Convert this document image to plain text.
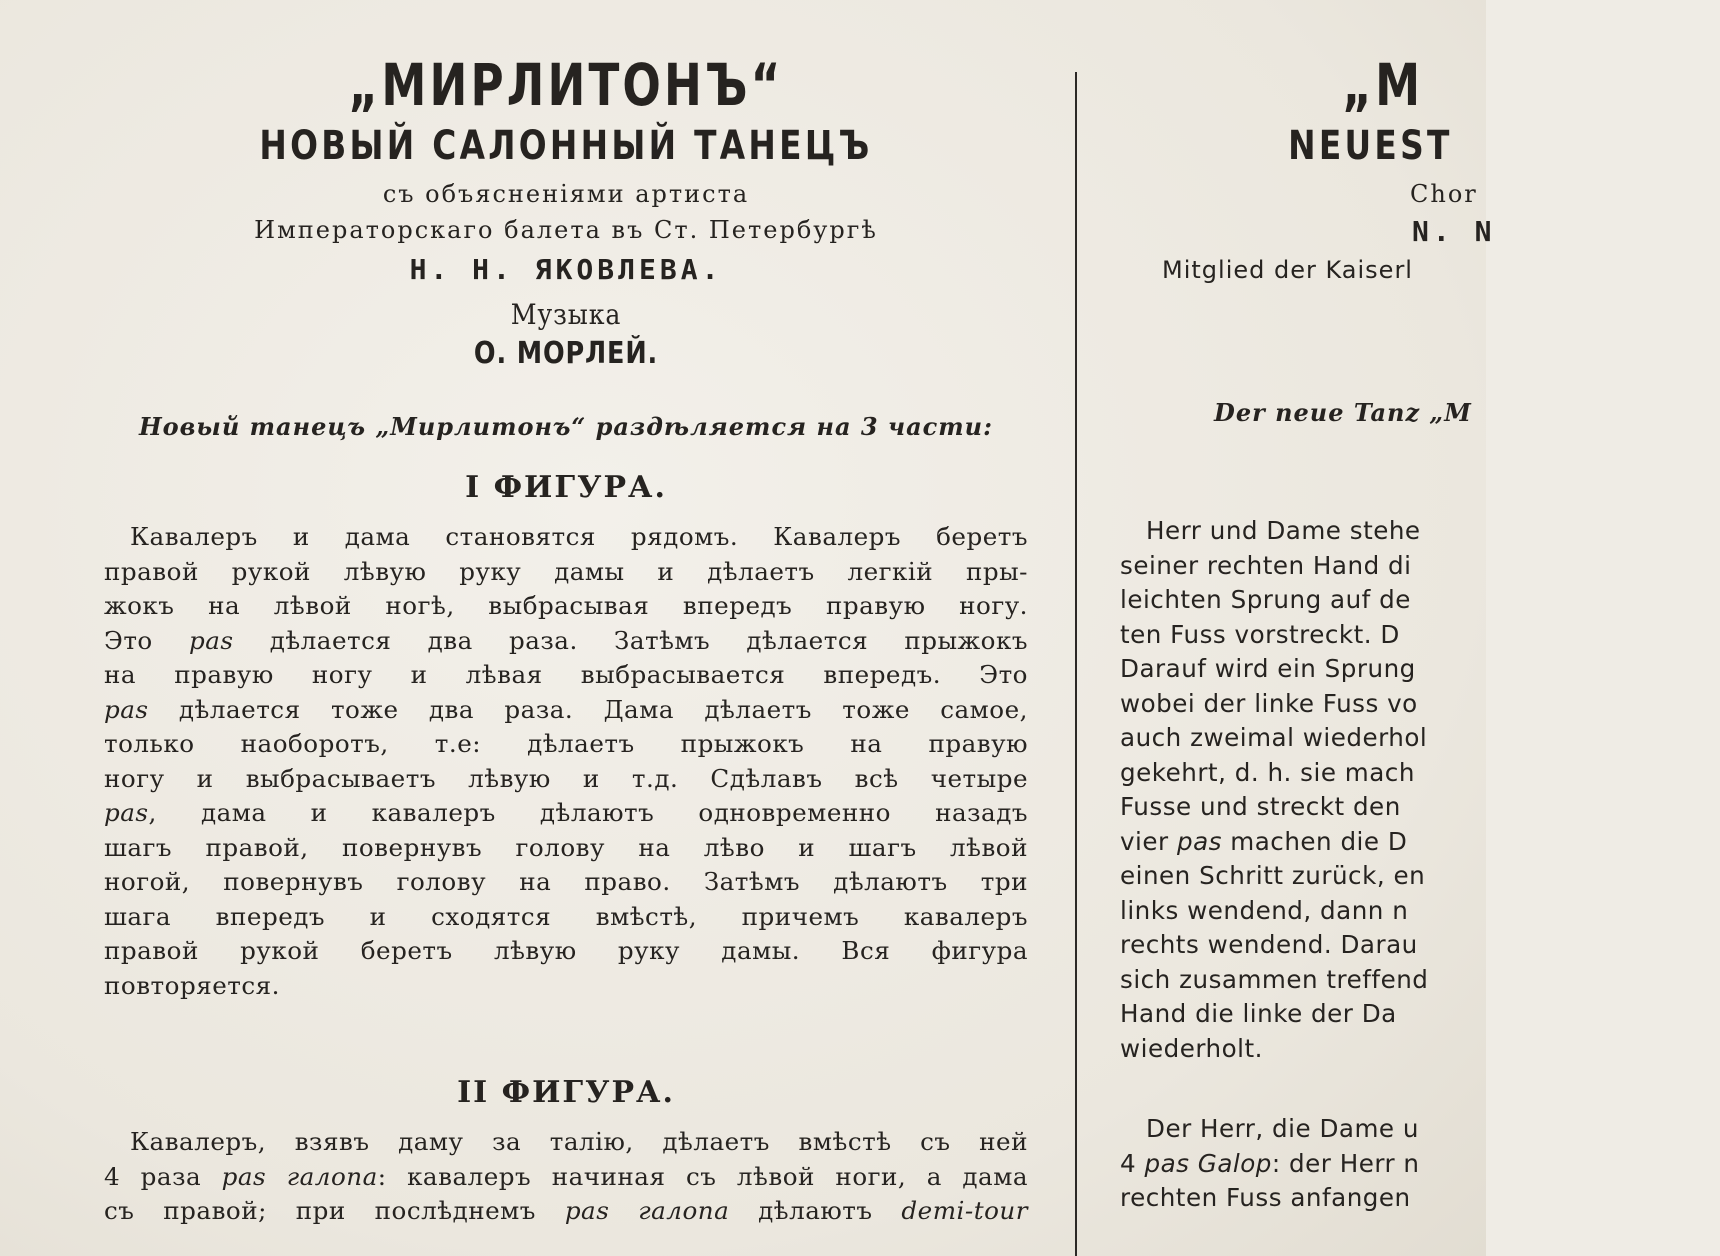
„МИРЛИТОНЪ“
НОВЫЙ САЛОННЫЙ ТАНЕЦЪ
съ объясненiями артиста
Императорскаго балета въ Ст. Петербургѣ
Н. Н. ЯКОВЛЕВА.
Музыка
О. МОРЛЕЙ.
Новый танецъ „Мирлитонъ“ раздѣляется на 3 части:
I ФИГУРА.
Кавалеръ и дама становятся рядомъ. Кавалеръ беретъ
правой рукой лѣвую руку дамы и дѣлаетъ легкiй пры-
жокъ на лѣвой ногѣ, выбрасывая впередъ правую ногу.
Это pas дѣлается два раза. Затѣмъ дѣлается прыжокъ
на правую ногу и лѣвая выбрасывается впередъ. Это
pas дѣлается тоже два раза. Дама дѣлаетъ тоже самое,
только наоборотъ, т.е: дѣлаетъ прыжокъ на правую
ногу и выбрасываетъ лѣвую и т.д. Сдѣлавъ всѣ четыре
pas, дама и кавалеръ дѣлаютъ одновременно назадъ
шагъ правой, повернувъ голову на лѣво и шагъ лѣвой
ногой, повернувъ голову на право. Затѣмъ дѣлаютъ три
шага впередъ и сходятся вмѣстѣ, причемъ кавалеръ
правой рукой беретъ лѣвую руку дамы. Вся фигура
повторяется.
II ФИГУРА.
Кавалеръ, взявъ даму за талiю, дѣлаетъ вмѣстѣ съ ней
4 раза pas галопа: кавалеръ начиная съ лѣвой ноги, а дама
съ правой; при послѣднемъ pas галопа дѣлаютъ demi-tour
„М
NEUEST
Chor
N. N
Mitglied der Kaiserl
Der neue Tanz „M
Herr und Dame stehe
seiner rechten Hand di
leichten Sprung auf de
ten Fuss vorstreckt. D
Darauf wird ein Sprung
wobei der linke Fuss vo
auch zweimal wiederhol
gekehrt, d. h. sie mach
Fusse und streckt den
vier pas machen die D
einen Schritt zurück, en
links wendend, dann n
rechts wendend. Darau
sich zusammen treffend
Hand die linke der Da
wiederholt.
Der Herr, die Dame u
4 pas Galop: der Herr n
rechten Fuss anfangen
